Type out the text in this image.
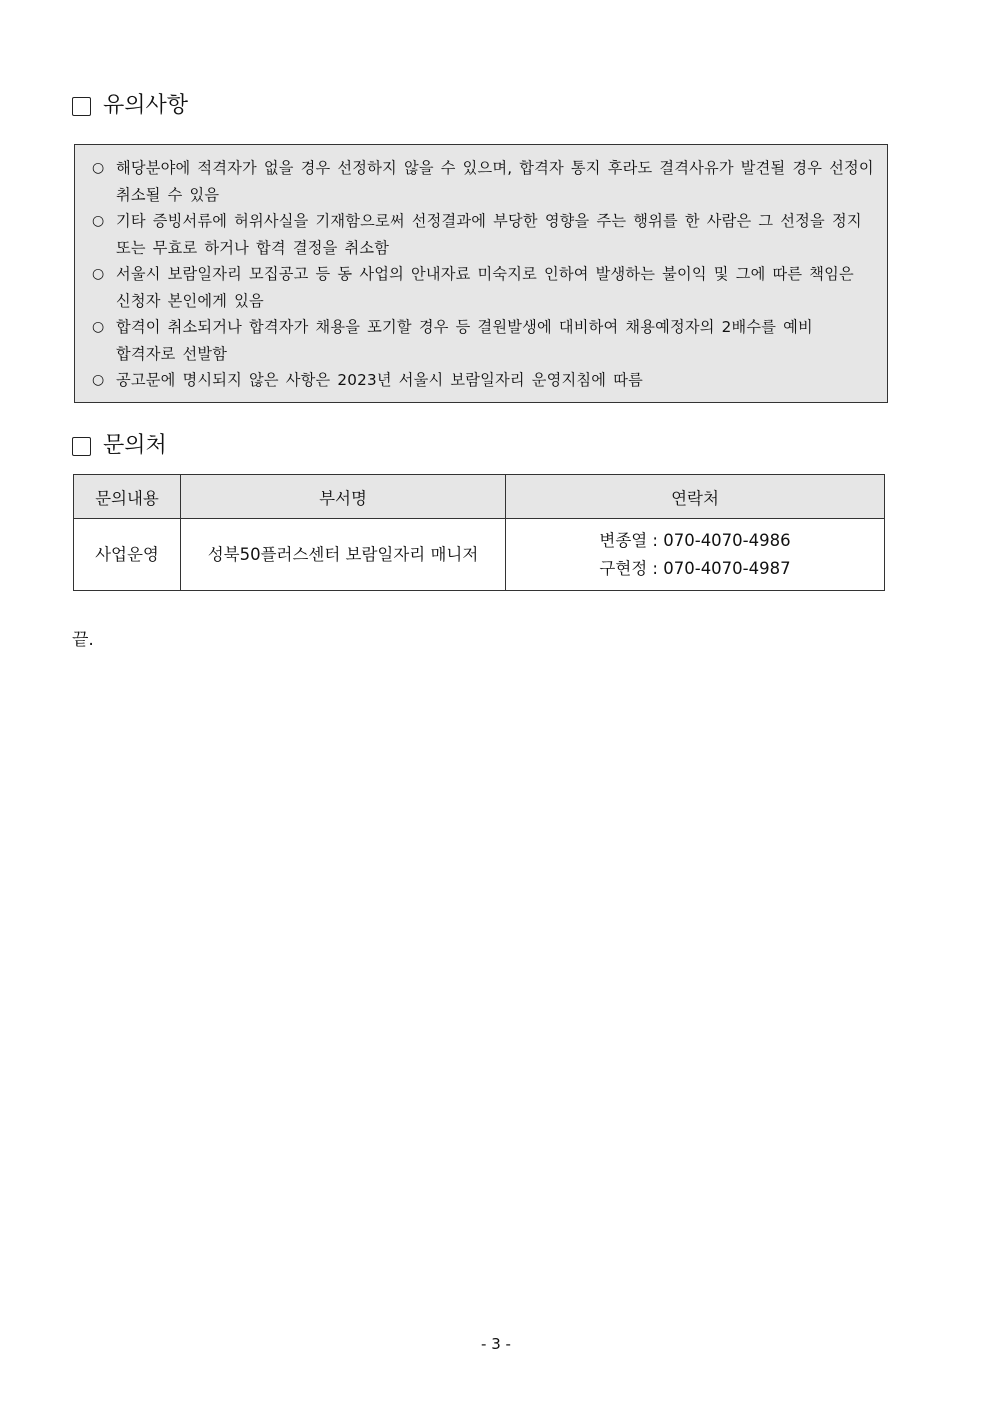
유의사항
○ 해당분야에 적격자가 없을 경우 선정하지 않을 수 있으며, 합격자 통지 후라도 결격사유가 발견될 경우 선정이 취소될 수 있음
○ 기타 증빙서류에 허위사실을 기재함으로써 선정결과에 부당한 영향을 주는 행위를 한 사람은 그 선정을 정지 또는 무효로 하거나 합격 결정을 취소함
○ 서울시 보람일자리 모집공고 등 동 사업의 안내자료 미숙지로 인하여 발생하는 불이익 및 그에 따른 책임은 신청자 본인에게 있음
○ 합격이 취소되거나 합격자가 채용을 포기할 경우 등 결원발생에 대비하여 채용예정자의 2배수를 예비 합격자로 선발함
○ 공고문에 명시되지 않은 사항은 2023년 서울시 보람일자리 운영지침에 따름
문의처
문의내용	부서명	연락처
사업운영	성북50플러스센터 보람일자리 매니저	변종열 : 070-4070-4986
구현정 : 070-4070-4987
끝.
- 3 -
